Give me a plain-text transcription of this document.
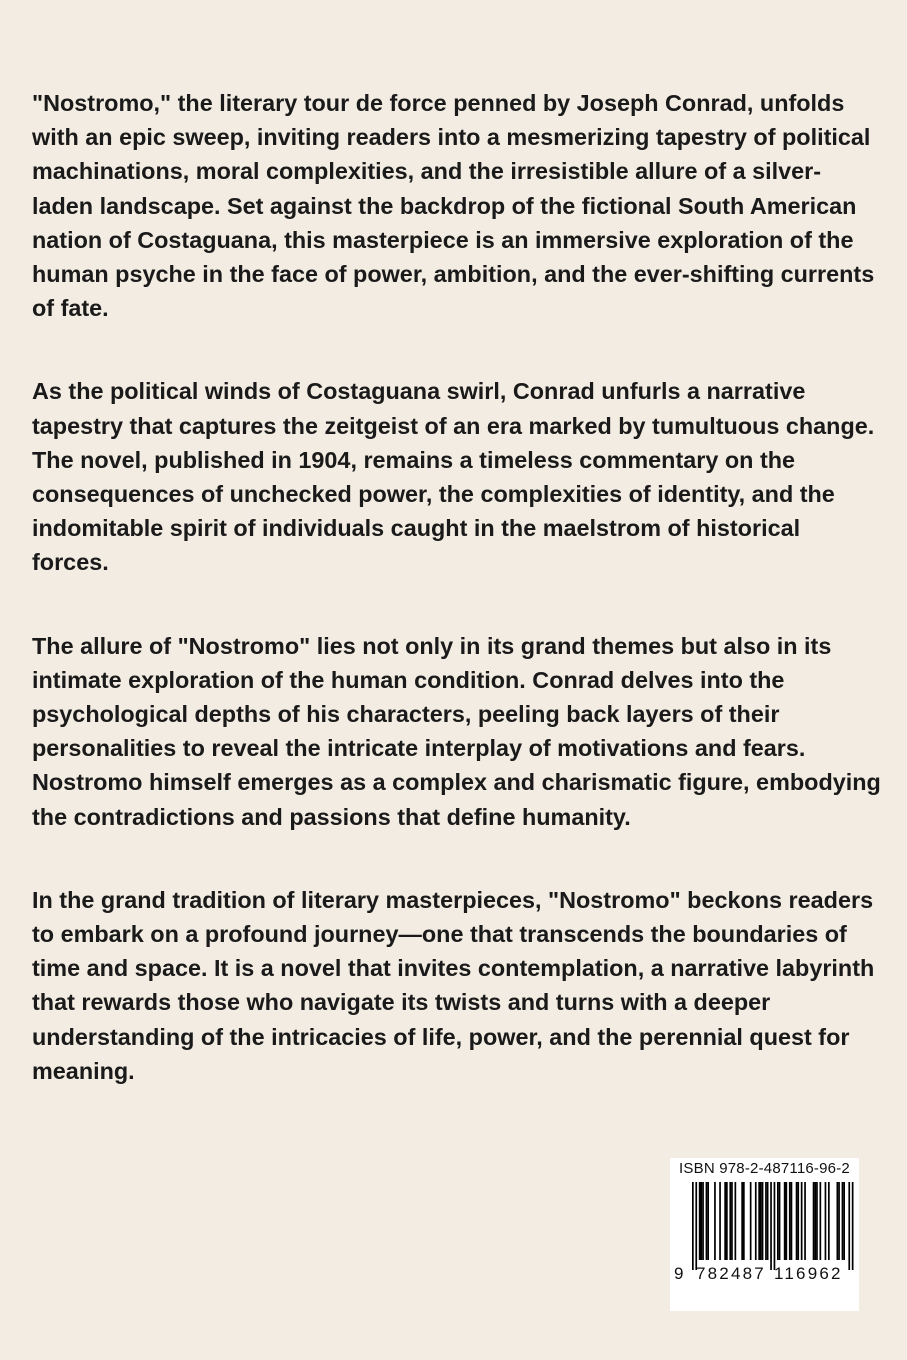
"Nostromo," the literary tour de force penned by Joseph Conrad, unfolds with an epic sweep, inviting readers into a mesmerizing tapestry of political machinations, moral complexities, and the irresistible allure of a silver-laden landscape. Set against the backdrop of the fictional South American nation of Costaguana, this masterpiece is an immersive exploration of the human psyche in the face of power, ambition, and the ever-shifting currents of fate.

As the political winds of Costaguana swirl, Conrad unfurls a narrative tapestry that captures the zeitgeist of an era marked by tumultuous change. The novel, published in 1904, remains a timeless commentary on the consequences of unchecked power, the complexities of identity, and the indomitable spirit of individuals caught in the maelstrom of historical forces.

The allure of "Nostromo" lies not only in its grand themes but also in its intimate exploration of the human condition. Conrad delves into the psychological depths of his characters, peeling back layers of their personalities to reveal the intricate interplay of motivations and fears. Nostromo himself emerges as a complex and charismatic figure, embodying the contradictions and passions that define humanity.

In the grand tradition of literary masterpieces, "Nostromo" beckons readers to embark on a profound journey—one that transcends the boundaries of time and space. It is a novel that invites contemplation, a narrative labyrinth that rewards those who navigate its twists and turns with a deeper understanding of the intricacies of life, power, and the perennial quest for meaning.

ISBN 978-2-487116-96-2
9 782487 116962
